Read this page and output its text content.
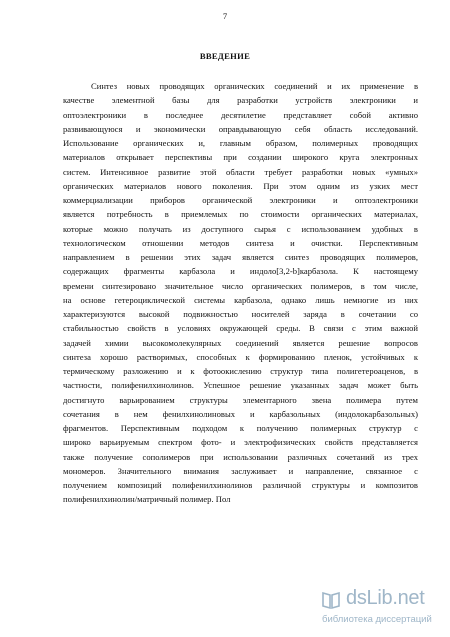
7
ВВЕДЕНИЕ
Синтез новых проводящих органических соединений и их применение в
качестве элементной базы для разработки устройств электроники и
оптоэлектроники в последнее десятилетие представляет собой активно
развивающуюся и экономически оправдывающую себя область исследований.
Использование органических и, главным образом, полимерных проводящих
материалов открывает перспективы при создании широкого круга электронных
систем. Интенсивное развитие этой области требует разработки новых «умных»
органических материалов нового поколения. При этом одним из узких мест
коммерциализации приборов органической электроники и оптоэлектроники
является потребность в приемлемых по стоимости органических материалах,
которые можно получать из доступного сырья с использованием удобных в
технологическом отношении методов синтеза и очистки. Перспективным
направлением в решении этих задач является синтез проводящих полимеров,
содержащих фрагменты карбазола и индоло[3,2-b]карбазола. К настоящему
времени синтезировано значительное число органических полимеров, в том числе,
на основе гетероциклической системы карбазола, однако лишь немногие из них
характеризуются высокой подвижностью носителей заряда в сочетании со
стабильностью свойств в условиях окружающей среды. В связи с этим важной
задачей химии высокомолекулярных соединений является решение вопросов
синтеза хорошо растворимых, способных к формированию пленок, устойчивых к
термическому разложению и к фотоокислению структур типа полигетероаценов, в
частности, полифенилхинолинов. Успешное решение указанных задач может быть
достигнуто варьированием структуры элементарного звена полимера путем
сочетания в нем фенилхинолиновых и карбазольных (индолокарбазольных)
фрагментов. Перспективным подходом к получению полимерных структур с
широко варьируемым спектром фото- и электрофизических свойств представляется
также получение сополимеров при использовании различных сочетаний из трех
мономеров. Значительного внимания заслуживает и направление, связанное с
получением композиций полифенилхинолинов различной структуры и композитов
полифенилхинолин/матричный полимер. Пол
dsLib.net
библиотека диссертаций
